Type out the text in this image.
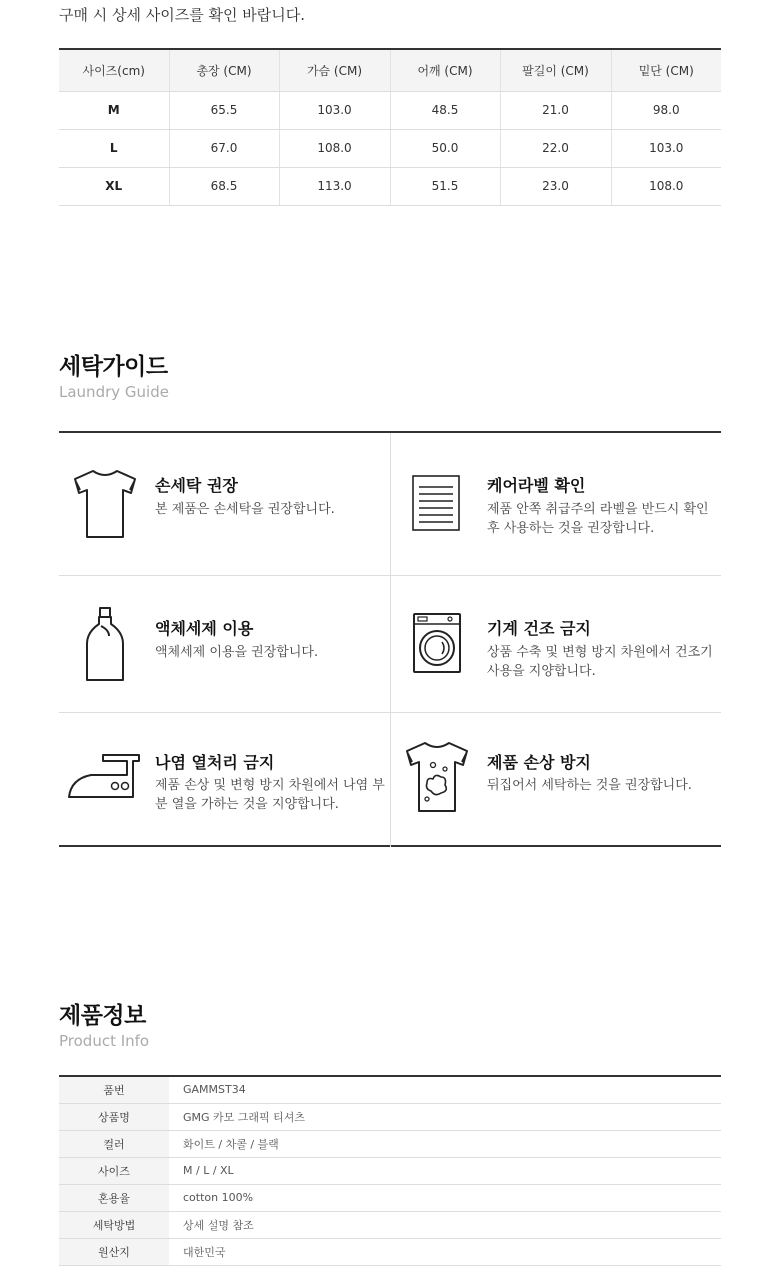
구매 시 상세 사이즈를 확인 바랍니다.
사이즈(cm)	총장 (CM)	가슴 (CM)	어깨 (CM)	팔길이 (CM)	밑단 (CM)
M	65.5	103.0	48.5	21.0	98.0
L	67.0	108.0	50.0	22.0	103.0
XL	68.5	113.0	51.5	23.0	108.0
세탁가이드
Laundry Guide
손세탁 권장
본 제품은 손세탁을 권장합니다.
케어라벨 확인
제품 안쪽 취급주의 라벨을 반드시 확인후 사용하는 것을 권장합니다.
액체세제 이용
액체세제 이용을 권장합니다.
기계 건조 금지
상품 수축 및 변형 방지 차원에서 건조기 사용을 지양합니다.
나염 열처리 금지
제품 손상 및 변형 방지 차원에서 나염 부분 열을 가하는 것을 지양합니다.
제품 손상 방지
뒤집어서 세탁하는 것을 권장합니다.
제품정보
Product Info
품번	GAMMST34
상품명	GMG 카모 그래픽 티셔츠
컬러	화이트 / 차콜 / 블랙
사이즈	M / L / XL
혼용율	cotton 100%
세탁방법	상세 설명 참조
원산지	대한민국
